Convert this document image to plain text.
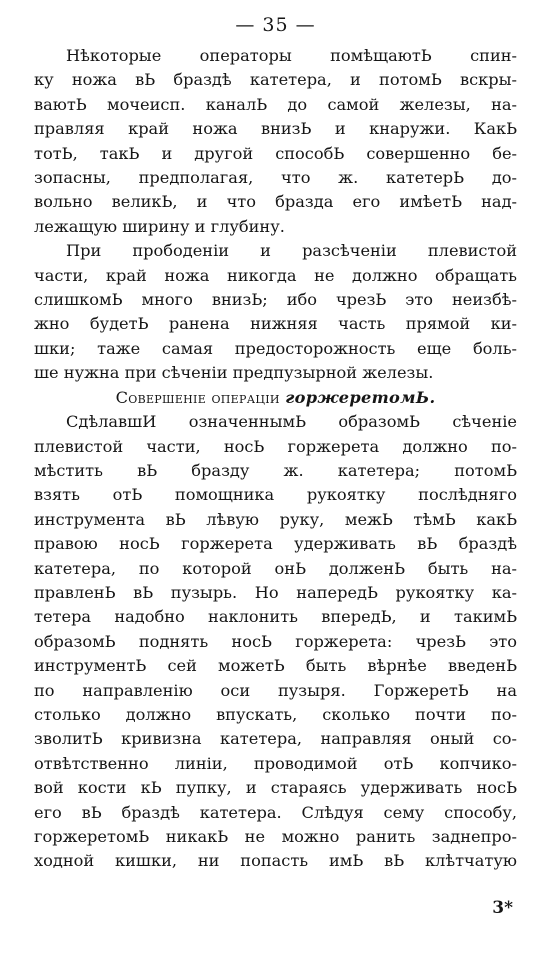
— 35 —
Нѣкоторые операторы помѣщаютЬ спин-
ку ножа вЬ браздѣ катетера, и потомЬ вскры-
ваютЬ мочеисп. каналЬ до самой железы, на-
правляя край ножа внизЬ и кнаружи. КакЬ
тотЬ, такЬ и другой способЬ совершенно бе-
зопасны, предполагая, что ж. катетерЬ до-
вольно великЬ, и что бразда его имѣетЬ над-
лежащую ширину и глубину.
При прободеніи и разсѣченіи плевистой
части, край ножа никогда не должно обращать
слишкомЬ много внизЬ; ибо чрезЬ это неизбѣ-
жно будетЬ ранена нижняя часть прямой ки-
шки; таже самая предосторожность еще боль-
ше нужна при сѣченіи предпузырной железы.
Совершеніе операціи горжеретомЬ.
СдѣлавшИ означеннымЬ образомЬ сѣченіе
плевистой части, носЬ горжерета должно по-
мѣстить вЬ бразду ж. катетера; потомЬ
взять отЬ помощника рукоятку послѣдняго
инструмента вЬ лѣвую руку, межЬ тѣмЬ какЬ
правою носЬ горжерета удерживать вЬ браздѣ
катетера, по которой онЬ долженЬ быть на-
правленЬ вЬ пузырь. Но напередЬ рукоятку ка-
тетера надобно наклонить впередЬ, и такимЬ
образомЬ поднять носЬ горжерета: чрезЬ это
инструментЬ сей можетЬ быть вѣрнѣе введенЬ
по направленію оси пузыря. ГоржеретЬ на
столько должно впускать, сколько почти по-
зволитЬ кривизна катетера, направляя оный со-
отвѣтственно линіи, проводимой отЬ копчико-
вой кости кЬ пупку, и стараясь удерживать носЬ
его вЬ браздѣ катетера. Слѣдуя сему способу,
горжеретомЬ никакЬ не можно ранить заднепро-
ходной кишки, ни попасть имЬ вЬ клѣтчатую
3*
